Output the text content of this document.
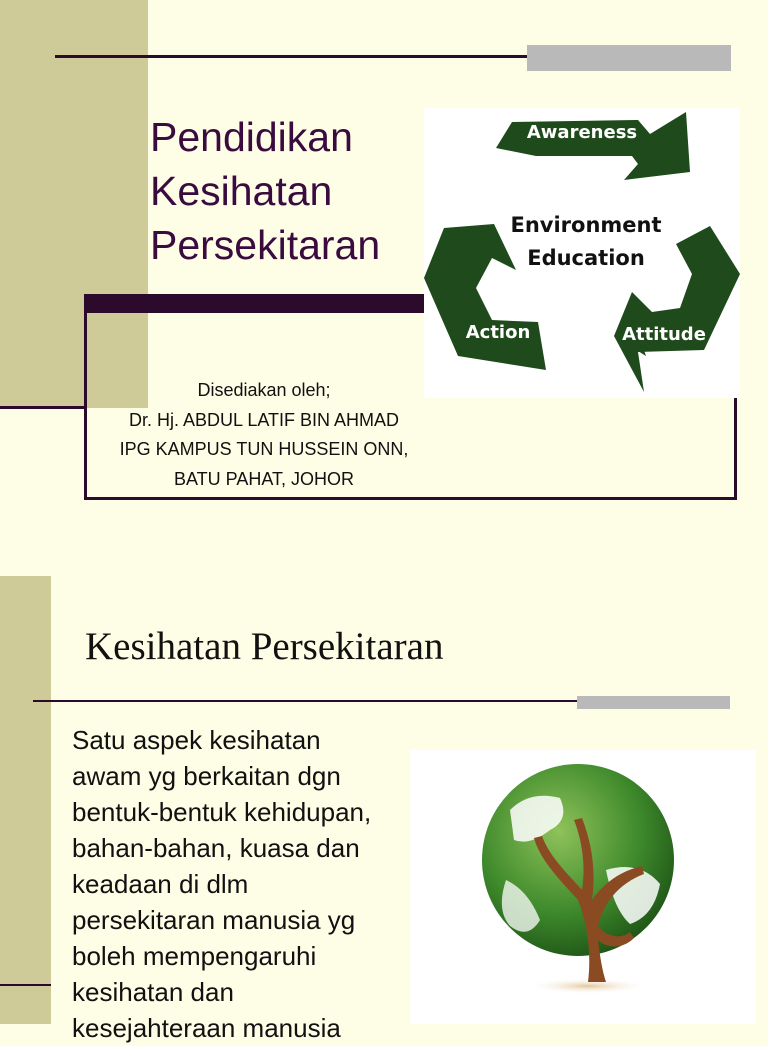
Pendidikan
Kesihatan
Persekitaran
Disediakan oleh;
Dr. Hj. ABDUL LATIF BIN AHMAD
IPG KAMPUS TUN HUSSEIN ONN,
BATU PAHAT, JOHOR
Awareness
Environment
Education
Action	Attitude
Kesihatan Persekitaran
Satu aspek kesihatan
awam yg berkaitan dgn
bentuk-bentuk kehidupan,
bahan-bahan, kuasa dan
keadaan di dlm
persekitaran manusia yg
boleh mempengaruhi
kesihatan dan
kesejahteraan manusia
